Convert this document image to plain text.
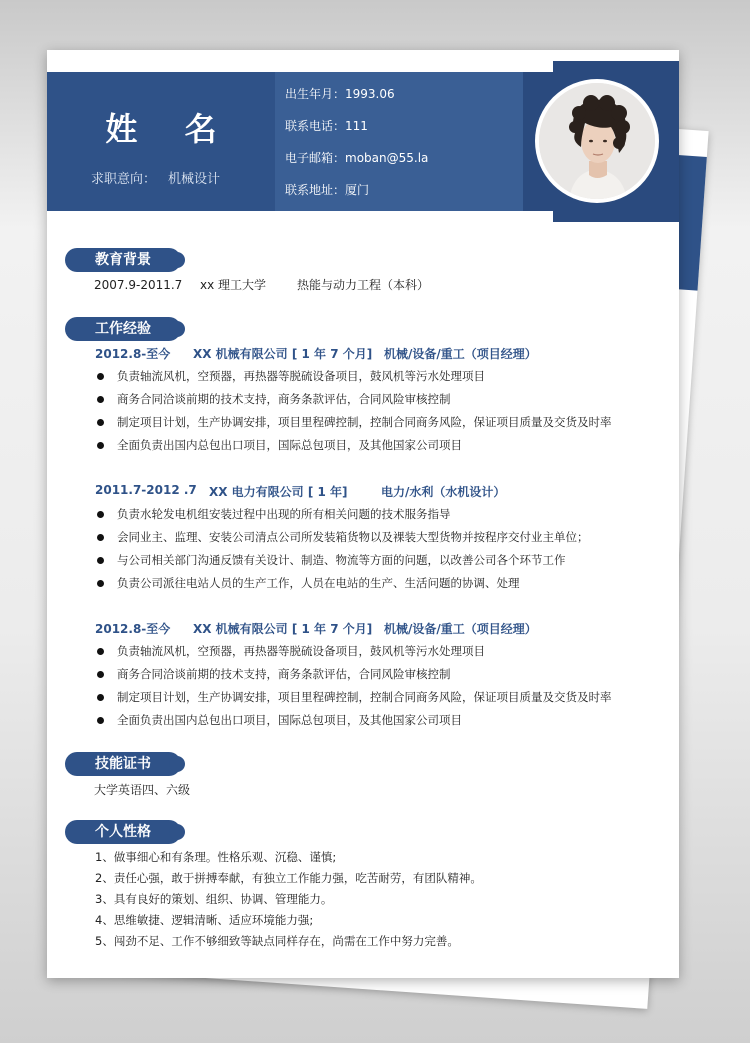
姓 名
求职意向： 机械设计
出生年月：1993.06
联系电话：111
电子邮箱：moban@55.la
联系地址：厦门
教育背景
2007.9-2011.7 xx 理工大学	热能与动力工程（本科）
工作经验
2012.8-至今 XX 机械有限公司 [ 1 年 7 个月] 机械/设备/重工（项目经理）
负责轴流风机，空预器，再热器等脱硫设备项目，鼓风机等污水处理项目
商务合同洽谈前期的技术支持，商务条款评估，合同风险审核控制
制定项目计划，生产协调安排，项目里程碑控制，控制合同商务风险，保证项目质量及交货及时率
全面负责出国内总包出口项目，国际总包项目，及其他国家公司项目
2011.7-2012 .7 XX 电力有限公司 [ 1 年]	电力/水利（水机设计）
负责水轮发电机组安装过程中出现的所有相关问题的技术服务指导
会同业主、监理、安装公司清点公司所发装箱货物以及裸装大型货物并按程序交付业主单位；
与公司相关部门沟通反馈有关设计、制造、物流等方面的问题，以改善公司各个环节工作
负责公司派往电站人员的生产工作，人员在电站的生产、生活问题的协调、处理
2012.8-至今 XX 机械有限公司 [ 1 年 7 个月] 机械/设备/重工（项目经理）
负责轴流风机，空预器，再热器等脱硫设备项目，鼓风机等污水处理项目
商务合同洽谈前期的技术支持，商务条款评估，合同风险审核控制
制定项目计划，生产协调安排，项目里程碑控制，控制合同商务风险，保证项目质量及交货及时率
全面负责出国内总包出口项目，国际总包项目，及其他国家公司项目
技能证书
大学英语四、六级
个人性格
1、做事细心和有条理。性格乐观、沉稳、谨慎;
2、责任心强，敢于拼搏奉献，有独立工作能力强，吃苦耐劳，有团队精神。
3、具有良好的策划、组织、协调、管理能力。
4、思维敏捷、逻辑清晰、适应环境能力强;
5、闯劲不足、工作不够细致等缺点同样存在，尚需在工作中努力完善。
